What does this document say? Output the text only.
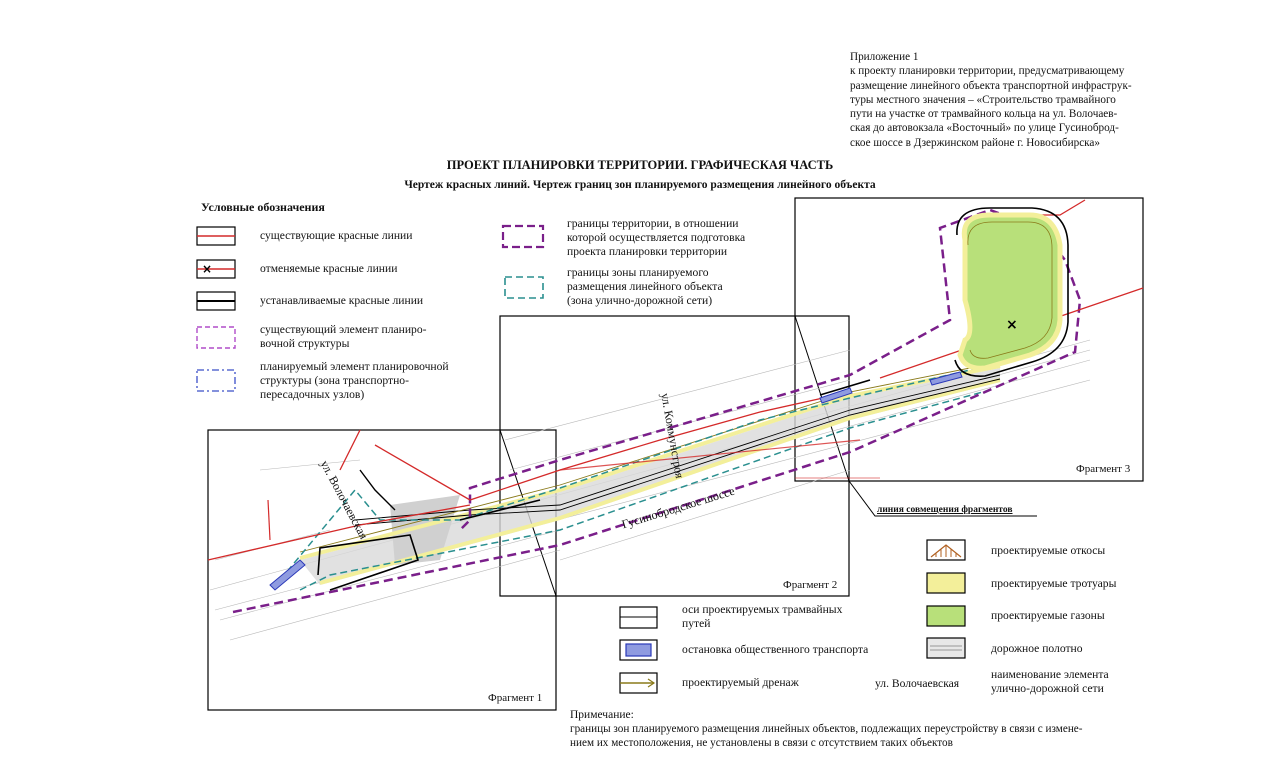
Приложение 1
к проекту планировки территории, предусматривающему
размещение линейного объекта транспортной инфраструк-
туры местного значения – «Строительство трамвайного
пути на участке от трамвайного кольца на ул. Волочаев-
ская до автовокзала «Восточный» по улице Гусиноброд-
ское шоссе в Дзержинском районе г. Новосибирска»
ПРОЕКТ ПЛАНИРОВКИ ТЕРРИТОРИИ. ГРАФИЧЕСКАЯ ЧАСТЬ
Чертеж красных линий. Чертеж границ зон планируемого размещения линейного объекта
Условные обозначения
×
×
существующие красные линии
отменяемые красные линии
устанавливаемые красные линии
существующий элемент планиро-
вочной структуры
планируемый элемент планировочной
структуры (зона транспортно-
пересадочных узлов)
границы территории, в отношении
которой осуществляется подготовка
проекта планировки территории
границы зоны планируемого
размещения линейного объекта
(зона улично-дорожной сети)
оси проектируемых трамвайных
путей
остановка общественного транспорта
проектируемый дренаж
проектируемые откосы
проектируемые тротуары
проектируемые газоны
дорожное полотно
наименование элемента
улично-дорожной сети
ул. Волочаевская
Фрагмент 1
Фрагмент 2
Фрагмент 3
линия совмещения фрагментов
ул. Волочаевская
ул. Коммунстроя
Гусинобродское шоссе
Примечание:
границы зон планируемого размещения линейных объектов, подлежащих переустройству в связи с измене-
нием их местоположения, не установлены в связи с отсутствием таких объектов
